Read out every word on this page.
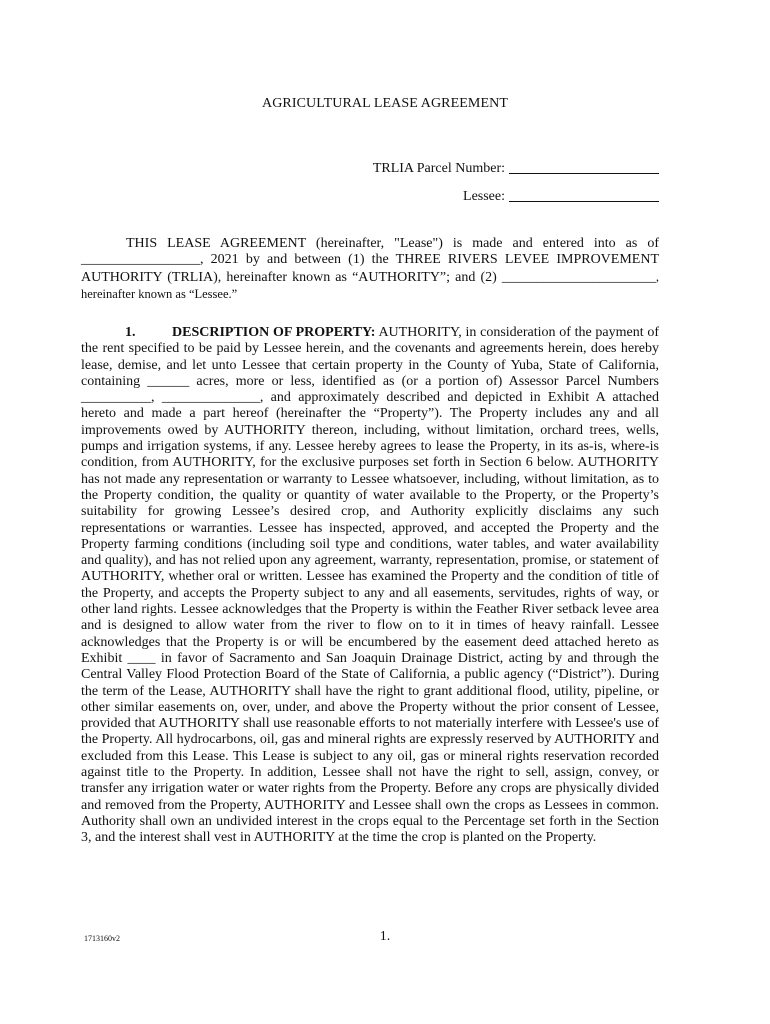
AGRICULTURAL LEASE AGREEMENT
TRLIA Parcel Number:
Lessee:

THIS LEASE AGREEMENT (hereinafter, "Lease") is made and entered into as of _________________, 2021 by and between (1) the THREE RIVERS LEVEE IMPROVEMENT AUTHORITY (TRLIA), hereinafter known as “AUTHORITY”; and (2) ______________________, hereinafter known as “Lessee.”

1.	DESCRIPTION OF PROPERTY: AUTHORITY, in consideration of the payment of the rent specified to be paid by Lessee herein, and the covenants and agreements herein, does hereby lease, demise, and let unto Lessee that certain property in the County of Yuba, State of California, containing ______ acres, more or less, identified as (or a portion of) Assessor Parcel Numbers __________, ______________, and approximately described and depicted in Exhibit A attached hereto and made a part hereof (hereinafter the “Property”). The Property includes any and all improvements owed by AUTHORITY thereon, including, without limitation, orchard trees, wells, pumps and irrigation systems, if any. Lessee hereby agrees to lease the Property, in its as-is, where-is condition, from AUTHORITY, for the exclusive purposes set forth in Section 6 below. AUTHORITY has not made any representation or warranty to Lessee whatsoever, including, without limitation, as to the Property condition, the quality or quantity of water available to the Property, or the Property’s suitability for growing Lessee’s desired crop, and Authority explicitly disclaims any such representations or warranties. Lessee has inspected, approved, and accepted the Property and the Property farming conditions (including soil type and conditions, water tables, and water availability and quality), and has not relied upon any agreement, warranty, representation, promise, or statement of AUTHORITY, whether oral or written. Lessee has examined the Property and the condition of title of the Property, and accepts the Property subject to any and all easements, servitudes, rights of way, or other land rights. Lessee acknowledges that the Property is within the Feather River setback levee area and is designed to allow water from the river to flow on to it in times of heavy rainfall. Lessee acknowledges that the Property is or will be encumbered by the easement deed attached hereto as Exhibit ____ in favor of Sacramento and San Joaquin Drainage District, acting by and through the Central Valley Flood Protection Board of the State of California, a public agency (“District”). During the term of the Lease, AUTHORITY shall have the right to grant additional flood, utility, pipeline, or other similar easements on, over, under, and above the Property without the prior consent of Lessee, provided that AUTHORITY shall use reasonable efforts to not materially interfere with Lessee's use of the Property. All hydrocarbons, oil, gas and mineral rights are expressly reserved by AUTHORITY and excluded from this Lease. This Lease is subject to any oil, gas or mineral rights reservation recorded against title to the Property. In addition, Lessee shall not have the right to sell, assign, convey, or transfer any irrigation water or water rights from the Property. Before any crops are physically divided and removed from the Property, AUTHORITY and Lessee shall own the crops as Lessees in common. Authority shall own an undivided interest in the crops equal to the Percentage set forth in the Section 3, and the interest shall vest in AUTHORITY at the time the crop is planted on the Property.

1713160v2	1.
